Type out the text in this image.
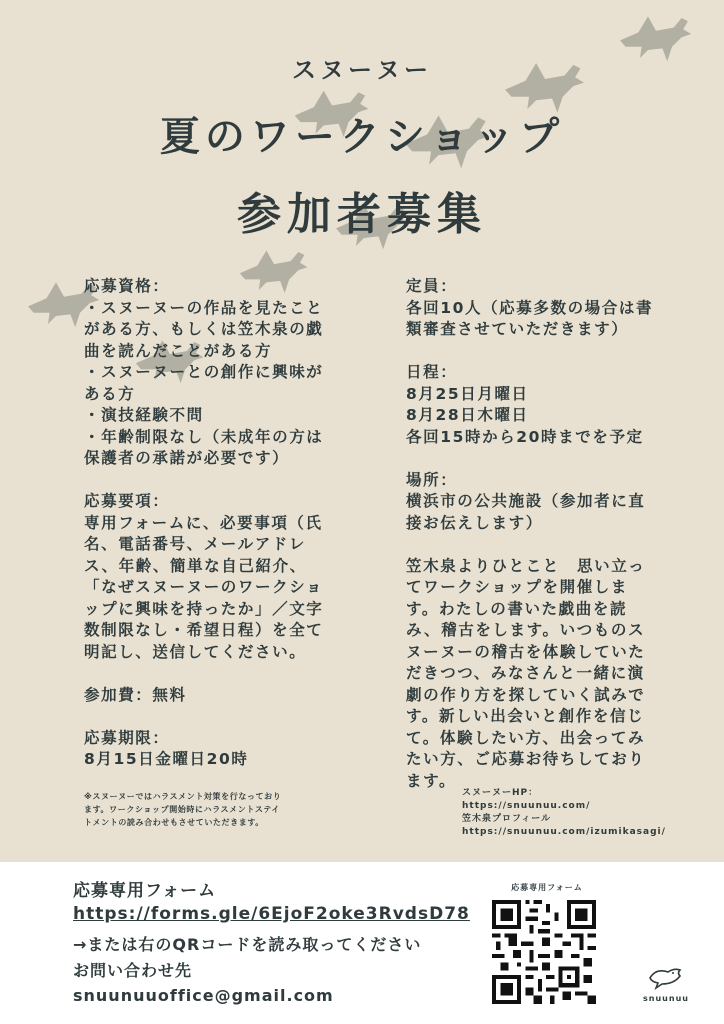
スヌーヌー
夏のワークショップ
参加者募集

応募資格：

・スヌーヌーの作品を見たこと

がある方、もしくは笠木泉の戯

曲を読んだことがある方

・スヌーヌーとの創作に興味が

ある方

・演技経験不問

・年齢制限なし（未成年の方は

保護者の承諾が必要です）

応募要項：

専用フォームに、必要事項（氏

名、電話番号、メールアドレ

ス、年齢、簡単な自己紹介、

「なぜスヌーヌーのワークショ

ップに興味を持ったか」／文字

数制限なし・希望日程）を全て

明記し、送信してください。

参加費：無料

応募期限：

8月15日金曜日20時

※スヌーヌーではハラスメント対策を行なっており
ます。ワークショップ開始時にハラスメントステイ
トメントの読み合わせもさせていただきます。

定員：

各回10人（応募多数の場合は書

類審査させていただきます）

日程：

8月25日月曜日

8月28日木曜日

各回15時から20時までを予定

場所：

横浜市の公共施設（参加者に直

接お伝えします）

笠木泉よりひとこと　思い立っ

てワークショップを開催しま

す。わたしの書いた戯曲を読

み、稽古をします。いつものス

ヌーヌーの稽古を体験していた

だきつつ、みなさんと一緒に演

劇の作り方を探していく試みで

す。新しい出会いと創作を信じ

て。体験したい方、出会ってみ

たい方、ご応募お待ちしており

ます。

スヌーヌーHP：
https://snuunuu.com/
笠木泉プロフィール
https://snuunuu.com/izumikasagi/
応募専用フォーム
https://forms.gle/6EjoF2oke3RvdsD78
→または右のQRコードを読み取ってください
お問い合わせ先
snuunuuoffice@gmail.com
応募専用フォーム
snuunuu
